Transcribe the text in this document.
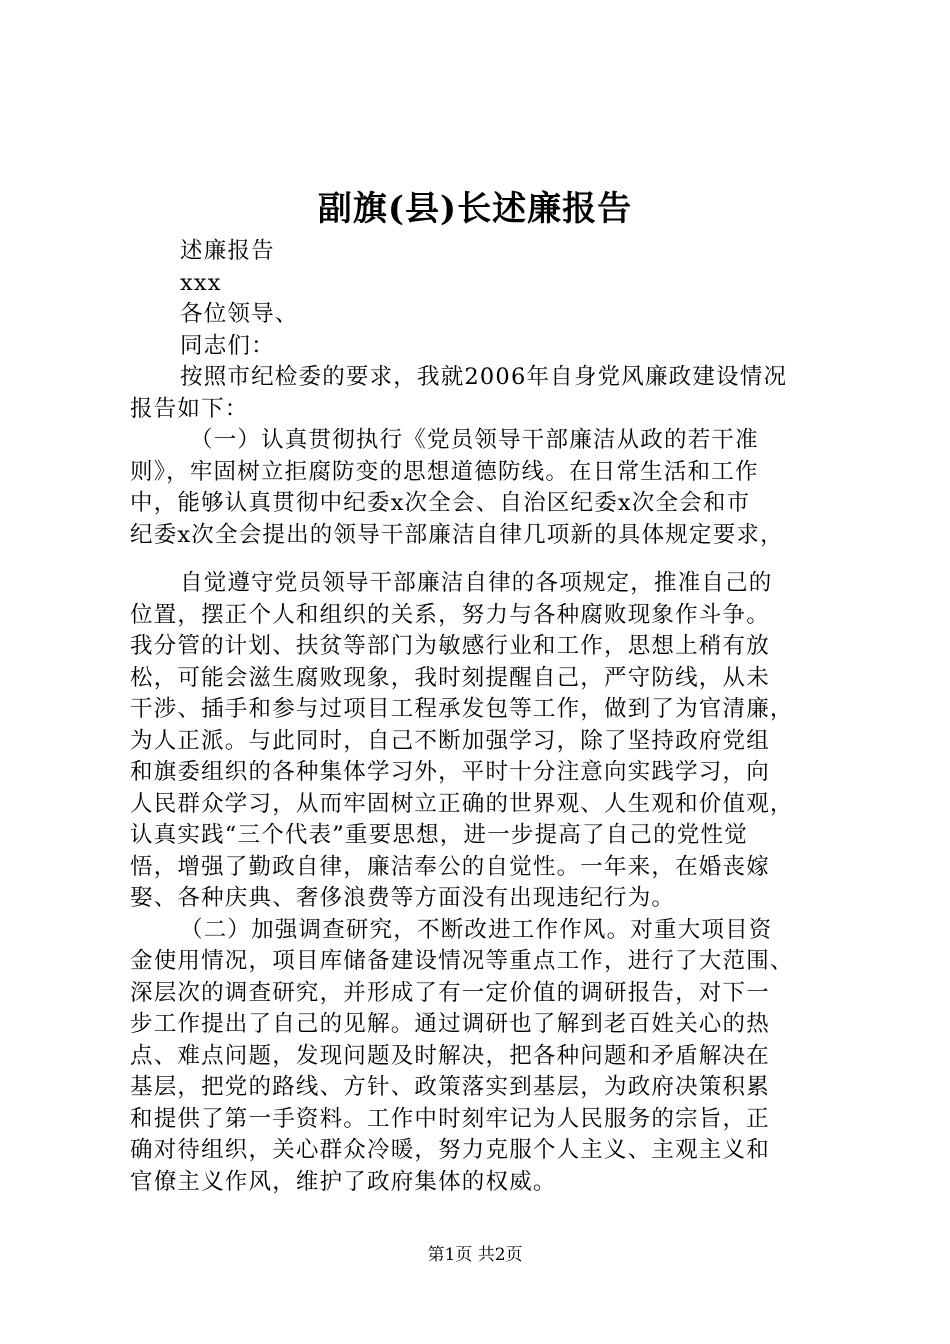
副旗(县)长述廉报告
述廉报告
xxx
各位领导、
同志们：
按照市纪检委的要求，我就2006年自身党风廉政建设情况
报告如下：
（一）认真贯彻执行《党员领导干部廉洁从政的若干准
则》，牢固树立拒腐防变的思想道德防线。在日常生活和工作
中，能够认真贯彻中纪委x次全会、自治区纪委x次全会和市
纪委x次全会提出的领导干部廉洁自律几项新的具体规定要求，
自觉遵守党员领导干部廉洁自律的各项规定，推准自己的
位置，摆正个人和组织的关系，努力与各种腐败现象作斗争。
我分管的计划、扶贫等部门为敏感行业和工作，思想上稍有放
松，可能会滋生腐败现象，我时刻提醒自己，严守防线，从未
干涉、插手和参与过项目工程承发包等工作，做到了为官清廉，
为人正派。与此同时，自己不断加强学习，除了坚持政府党组
和旗委组织的各种集体学习外，平时十分注意向实践学习，向
人民群众学习，从而牢固树立正确的世界观、人生观和价值观，
认真实践“三个代表”重要思想，进一步提高了自己的党性觉
悟，增强了勤政自律，廉洁奉公的自觉性。一年来，在婚丧嫁
娶、各种庆典、奢侈浪费等方面没有出现违纪行为。
（二）加强调查研究，不断改进工作作风。对重大项目资
金使用情况，项目库储备建设情况等重点工作，进行了大范围、
深层次的调查研究，并形成了有一定价值的调研报告，对下一
步工作提出了自己的见解。通过调研也了解到老百姓关心的热
点、难点问题，发现问题及时解决，把各种问题和矛盾解决在
基层，把党的路线、方针、政策落实到基层，为政府决策积累
和提供了第一手资料。工作中时刻牢记为人民服务的宗旨，正
确对待组织，关心群众冷暖，努力克服个人主义、主观主义和
官僚主义作风，维护了政府集体的权威。
第1页 共2页
